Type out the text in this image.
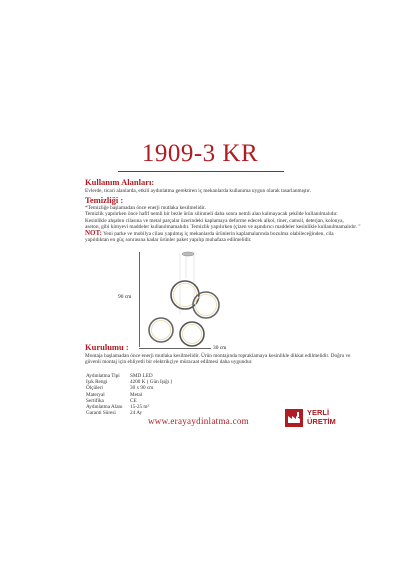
1909-3 KR
Kullanım Alanları:
Evlerde, ticari alanlarda, etkili aydınlatma gerektiren iç mekanlarda kullanıma uygun olarak tasarlanmıştır.
Temizliği :
*Temizliğe başlamadan önce enerji mutlaka kesilmelidir.
Temizlik yapılırken önce hafif nemli bir bezle ürün silinmeli daha sonra nemli alan kalmayacak şekilde kullanılmalıdır.
Kesinlikle ahşabın cilasına ve metal parçalar üzerindeki kaplamaya deforme edecek alkol, tiner, camsil, deterjan, kolonya,
aseton, gibi kimyevi maddeler kullanılmamalıdır. Temizlik yapılırken (çizen ve aşındırıcı maddeler kesinlikle kullanılmamalıdır. "
NOT: Yeni parke ve mobilya cilası yapılmış iç mekanlarda ürünlerin kaplamalarında bozulma olabileceğinden, cila
yapıldıktan en güç sonrasına kadar ürünler paket yapılıp muhafaza edilmelidir.
90 cm
30 cm
Kurulumu :
Montaja başlamadan önce enerji mutlaka kesilmelidir. Ürün montajında topraklamaya kesinlikle dikkat edilmelidir. Doğru ve
güvenli montaj için ehliyetli bir elektrikçiye müracaat edilmesi daha uygundur.
Aydınlatma Tipi	SMD LED
Işık Rengi	4200 K ( Gün Işığı )
Ölçüleri	30 x 90 cm
Materyal	Metal
Sertifika	CE
Aydınlatma Alanı	15-25 m²
Garanti Süresi	24 Ay
www.erayaydinlatma.com
YERLİ
ÜRETİM
